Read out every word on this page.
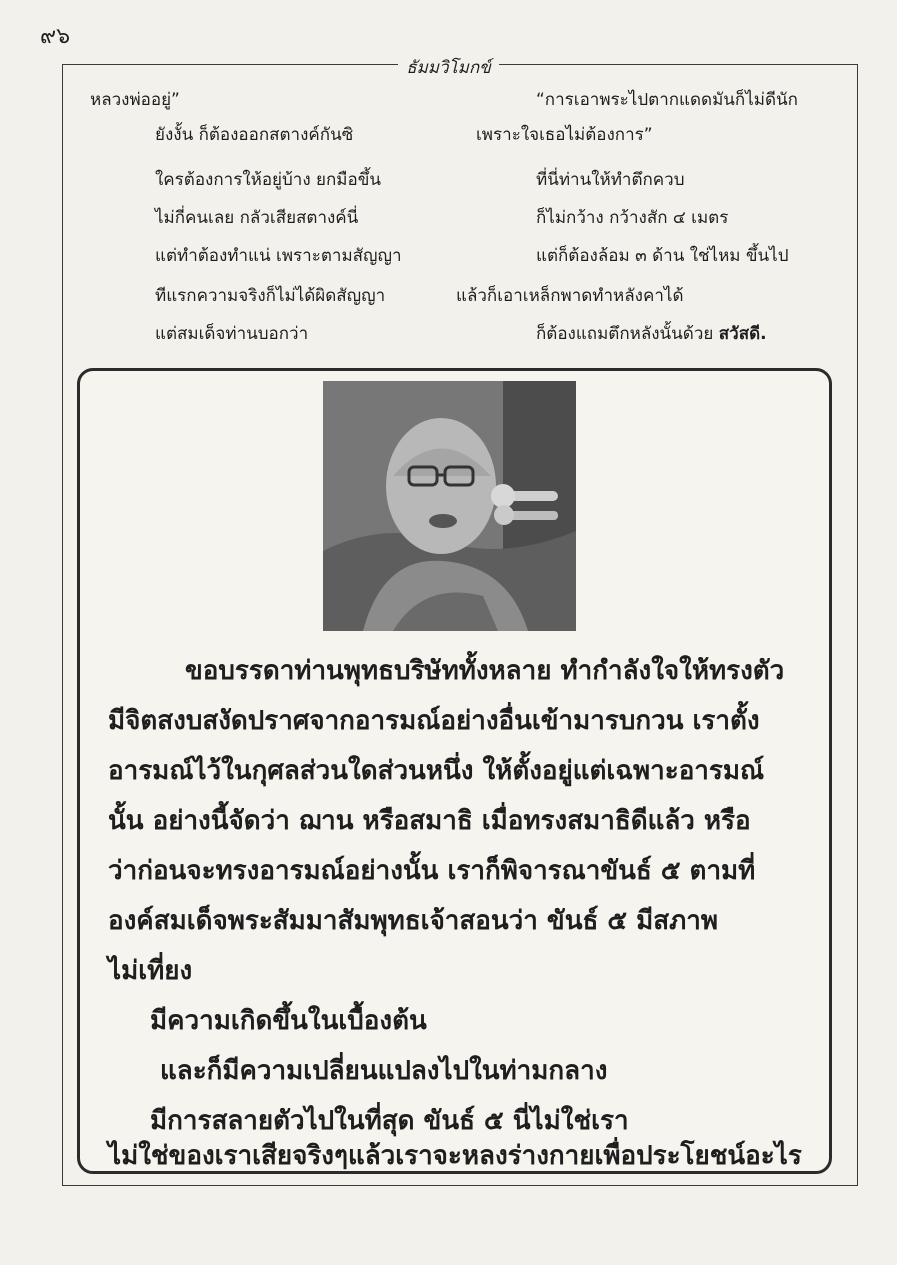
๙๖
ธัมมวิโมกข์
หลวงพ่ออยู่”
ยังงั้น ก็ต้องออกสตางค์กันซิ
ใครต้องการให้อยู่บ้าง ยกมือขึ้น
ไม่กี่คนเลย กลัวเสียสตางค์นี่
แต่ทำต้องทำแน่ เพราะตามสัญญา
ทีแรกความจริงก็ไม่ได้ผิดสัญญา
แต่สมเด็จท่านบอกว่า
“การเอาพระไปตากแดดมันก็ไม่ดีนัก
เพราะใจเธอไม่ต้องการ”
ที่นี่ท่านให้ทำตึกควบ
ก็ไม่กว้าง กว้างสัก ๔ เมตร
แต่ก็ต้องล้อม ๓ ด้าน ใช่ไหม ขึ้นไป
แล้วก็เอาเหล็กพาดทำหลังคาได้
ก็ต้องแถมตึกหลังนั้นด้วย สวัสดี.
ขอบรรดาท่านพุทธบริษัททั้งหลาย ทำกำลังใจให้ทรงตัว
มีจิตสงบสงัดปราศจากอารมณ์อย่างอื่นเข้ามารบกวน เราตั้ง
อารมณ์ไว้ในกุศลส่วนใดส่วนหนึ่ง ให้ตั้งอยู่แต่เฉพาะอารมณ์
นั้น อย่างนี้จัดว่า ฌาน หรือสมาธิ เมื่อทรงสมาธิดีแล้ว หรือ
ว่าก่อนจะทรงอารมณ์อย่างนั้น เราก็พิจารณาขันธ์ ๕ ตามที่
องค์สมเด็จพระสัมมาสัมพุทธเจ้าสอนว่า ขันธ์ ๕ มีสภาพ
ไม่เที่ยง
มีความเกิดขึ้นในเบื้องต้น
และก็มีความเปลี่ยนแปลงไปในท่ามกลาง
มีการสลายตัวไปในที่สุด ขันธ์ ๕ นี่ไม่ใช่เรา
ไม่ใช่ของเราเสียจริงๆแล้วเราจะหลงร่างกายเพื่อประโยชน์อะไร
